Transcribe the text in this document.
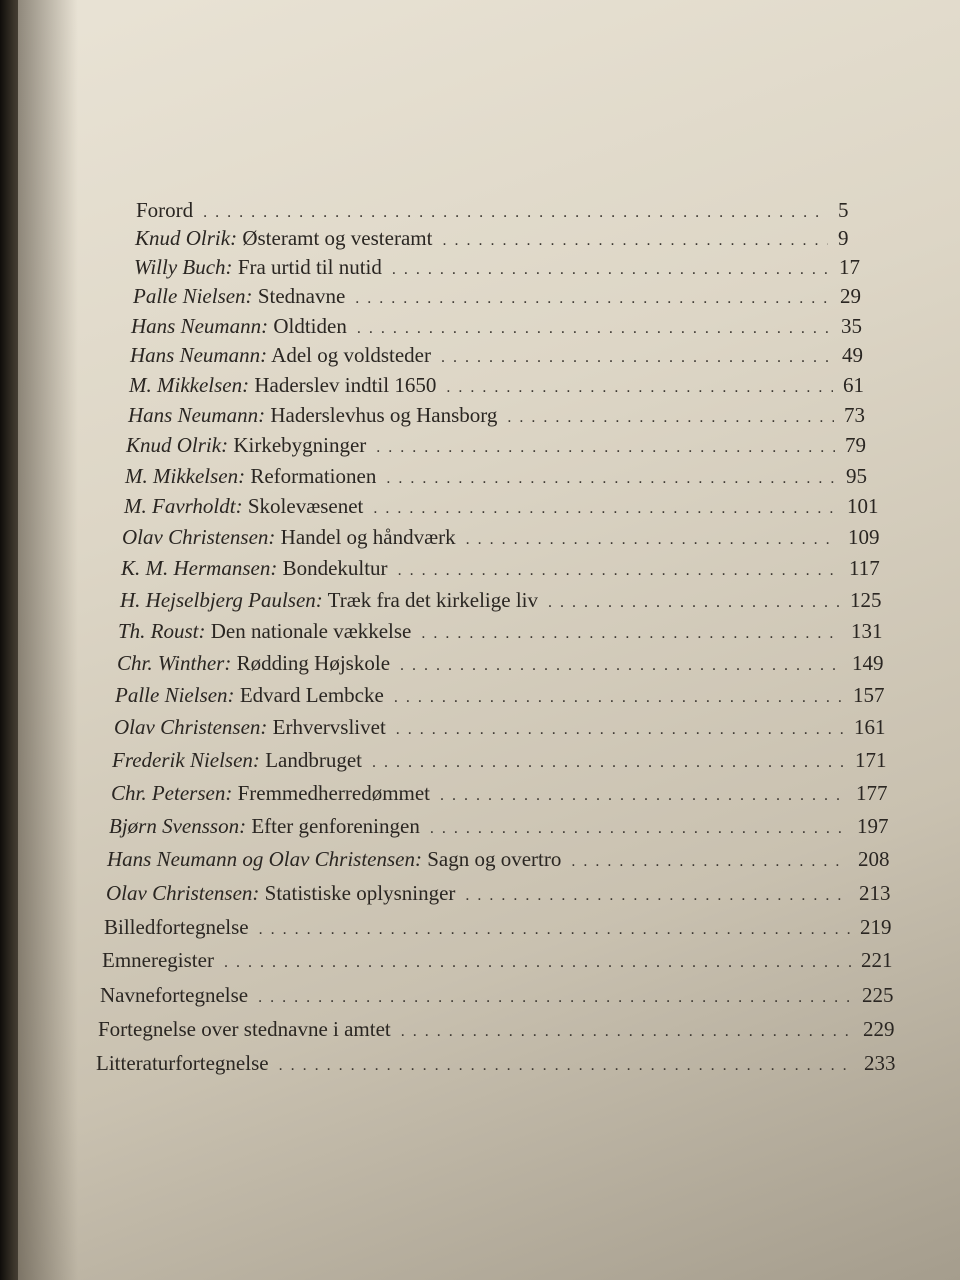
Forord . . .	5
Knud Olrik: Østeramt og vesteramt . . .	9
Willy Buch: Fra urtid til nutid . . .	17
Palle Nielsen: Stednavne . . .	29
Hans Neumann: Oldtiden . . .	35
Hans Neumann: Adel og voldsteder . . .	49
M. Mikkelsen: Haderslev indtil 1650 . . .	61
Hans Neumann: Haderslevhus og Hansborg . . .	73
Knud Olrik: Kirkebygninger . . .	79
M. Mikkelsen: Reformationen . . .	95
M. Favrholdt: Skolevæsenet . . .	101
Olav Christensen: Handel og håndværk . . .	109
K. M. Hermansen: Bondekultur . . .	117
H. Hejselbjerg Paulsen: Træk fra det kirkelige liv . . .	125
Th. Roust: Den nationale vækkelse . . .	131
Chr. Winther: Rødding Højskole . . .	149
Palle Nielsen: Edvard Lembcke . . .	157
Olav Christensen: Erhvervslivet . . .	161
Frederik Nielsen: Landbruget . . .	171
Chr. Petersen: Fremmedherredømmet . . .	177
Bjørn Svensson: Efter genforeningen . . .	197
Hans Neumann og Olav Christensen: Sagn og overtro . . .	208
Olav Christensen: Statistiske oplysninger . . .	213
Billedfortegnelse . . .	219
Emneregister . . .	221
Navnefortegnelse . . .	225
Fortegnelse over stednavne i amtet . . .	229
Litteraturfortegnelse . . .	233
